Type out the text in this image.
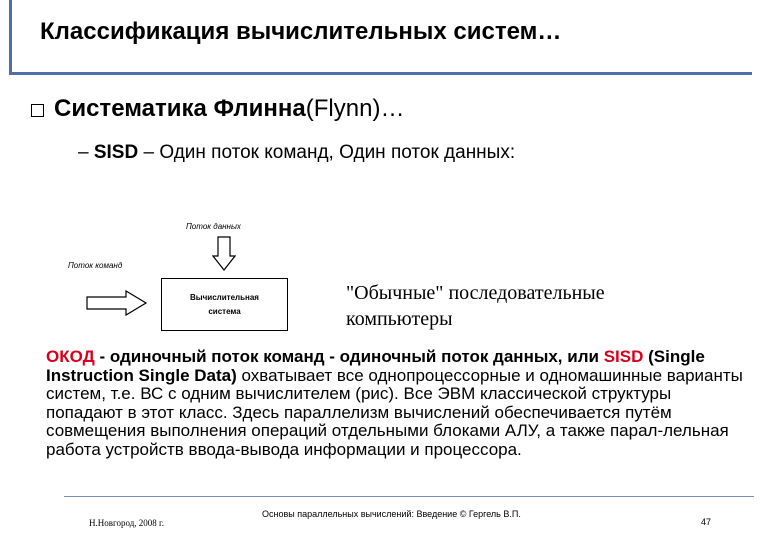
Классификация вычислительных систем…
Систематика Флинна (Flynn)…
– SISD – Один поток команд, Один поток данных:
Поток данных
Поток команд
Вычислительная
система
"Обычные" последовательные
компьютеры
ОКОД - одиночный поток команд - одиночный поток данных, или SISD (Single Instruction Single Data) охватывает все однопроцессорные и одномашинные варианты систем, т.е. ВС с одним вычислителем (рис). Все ЭВМ классической структуры попадают в этот класс. Здесь параллелизм вычислений обеспечивается путём совмещения выполнения операций отдельными блоками АЛУ, а также парал-лельная работа устройств ввода-вывода информации и процессора.
Н.Новгород, 2008 г.
Основы параллельных вычислений: Введение © Гергель В.П.
47
